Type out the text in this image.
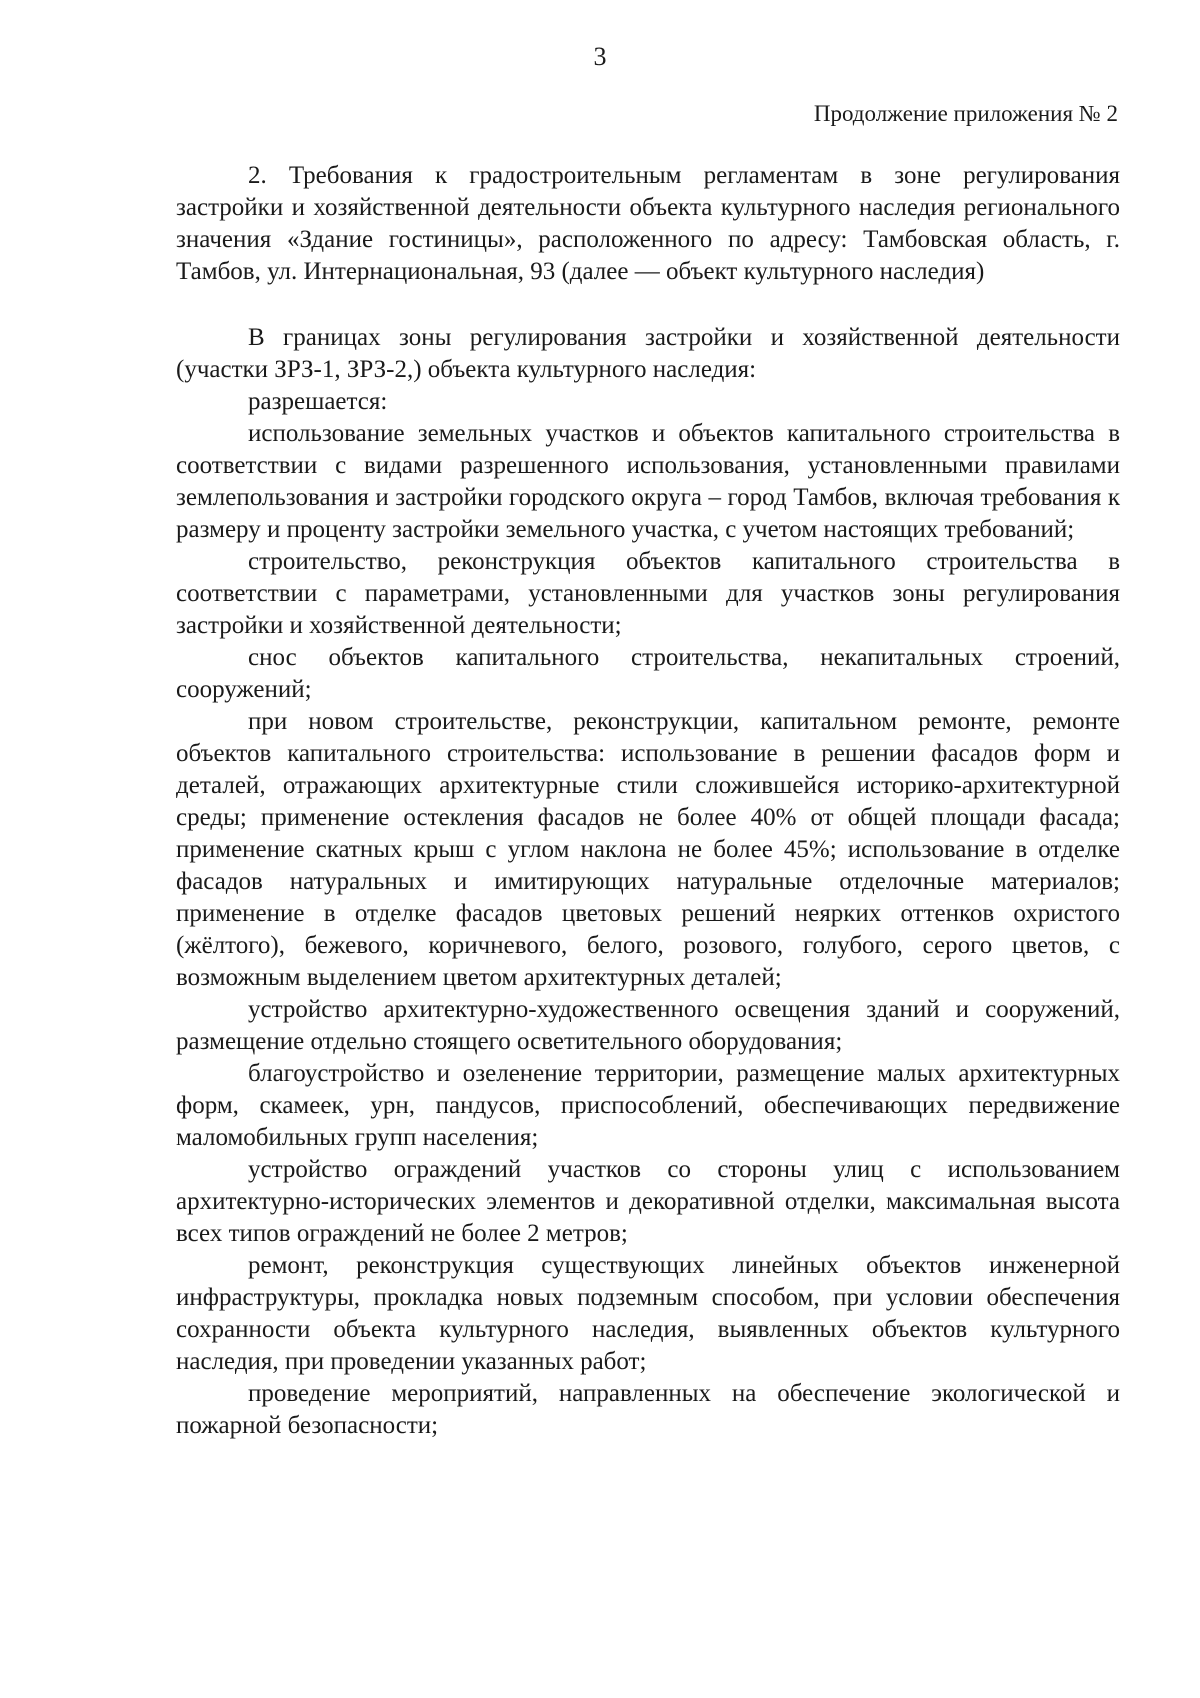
3
Продолжение приложения № 2

2. Требования к градостроительным регламентам в зоне регулирования застройки и хозяйственной деятельности объекта культурного наследия регионального значения «Здание гостиницы», расположенного по адресу: Тамбовская область, г. Тамбов, ул. Интернациональная, 93 (далее — объект культурного наследия)

В границах зоны регулирования застройки и хозяйственной деятельности (участки ЗРЗ-1, ЗРЗ-2,) объекта культурного наследия:

разрешается:

использование земельных участков и объектов капитального строительства в соответствии с видами разрешенного использования, установленными правилами землепользования и застройки городского округа – город Тамбов, включая требования к размеру и проценту застройки земельного участка, с учетом настоящих требований;

строительство, реконструкция объектов капитального строительства в соответствии с параметрами, установленными для участков зоны регулирования застройки и хозяйственной деятельности;

снос объектов капитального строительства, некапитальных строений, сооружений;

при новом строительстве, реконструкции, капитальном ремонте, ремонте объектов капитального строительства: использование в решении фасадов форм и деталей, отражающих архитектурные стили сложившейся историко-архитектурной среды; применение остекления фасадов не более 40% от общей площади фасада; применение скатных крыш с углом наклона не более 45%; использование в отделке фасадов натуральных и имитирующих натуральные отделочные материалов; применение в отделке фасадов цветовых решений неярких оттенков охристого (жёлтого), бежевого, коричневого, белого, розового, голубого, серого цветов, с возможным выделением цветом архитектурных деталей;

устройство архитектурно-художественного освещения зданий и сооружений, размещение отдельно стоящего осветительного оборудования;

благоустройство и озеленение территории, размещение малых архитектурных форм, скамеек, урн, пандусов, приспособлений, обеспечивающих передвижение маломобильных групп населения;

устройство ограждений участков со стороны улиц с использованием архитектурно-исторических элементов и декоративной отделки, максимальная высота всех типов ограждений не более 2 метров;

ремонт, реконструкция существующих линейных объектов инженерной инфраструктуры, прокладка новых подземным способом, при условии обеспечения сохранности объекта культурного наследия, выявленных объектов культурного наследия, при проведении указанных работ;

проведение мероприятий, направленных на обеспечение экологической и пожарной безопасности;
